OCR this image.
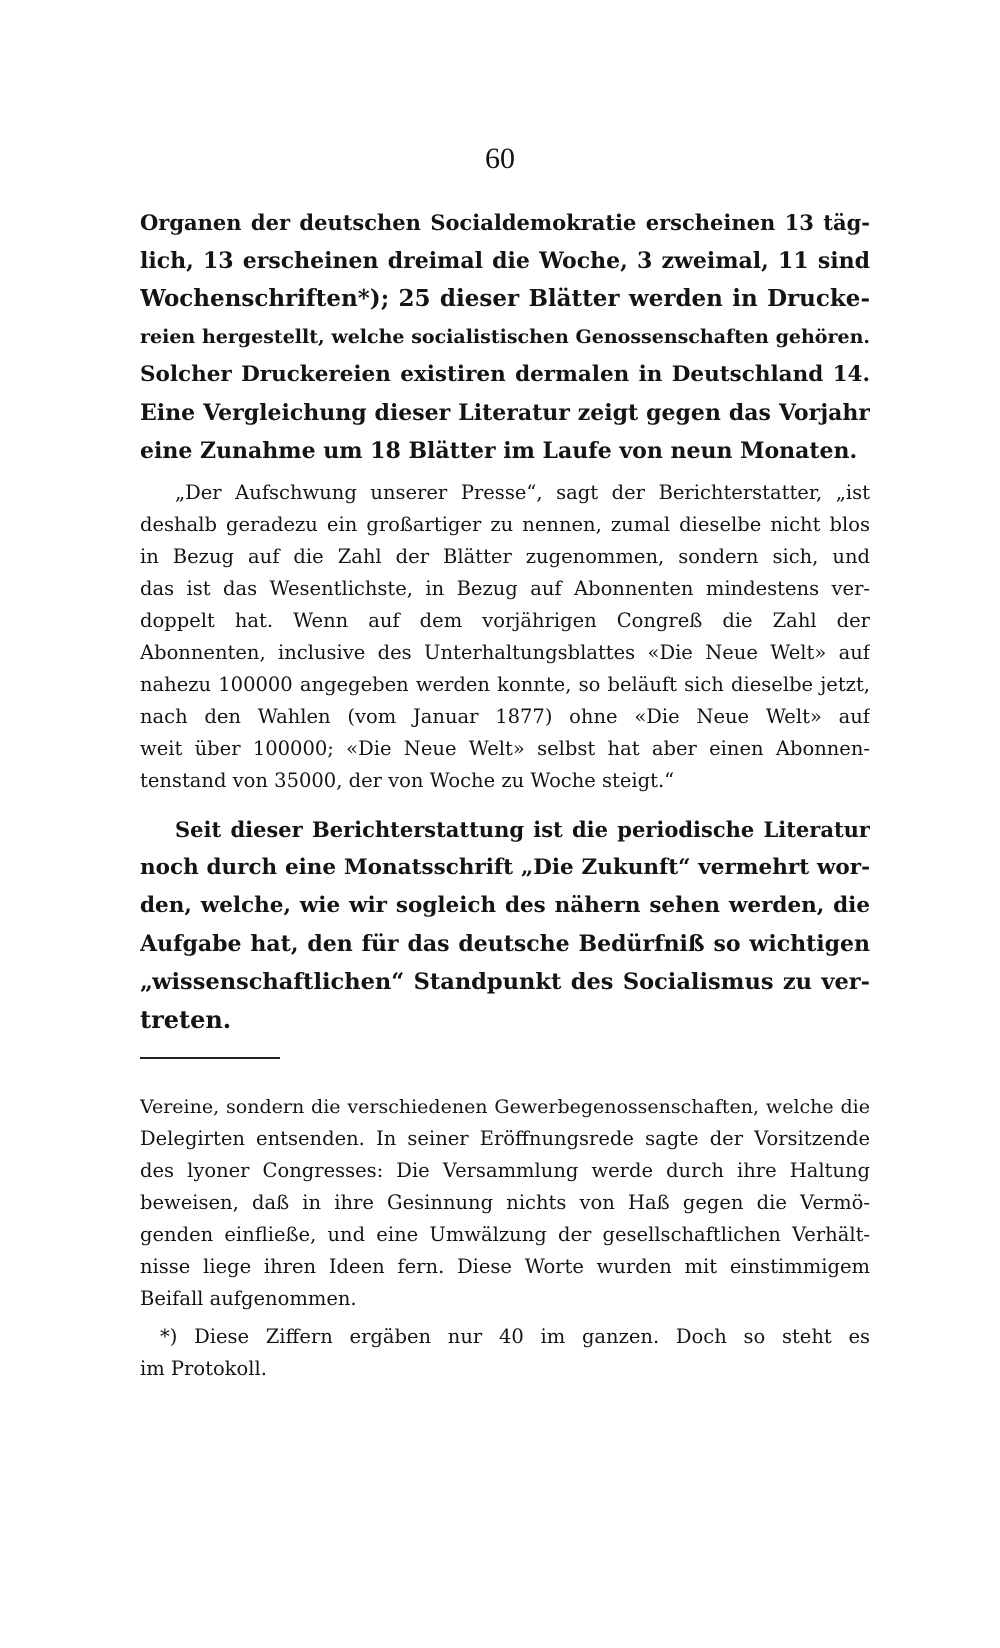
60
Organen der deutschen Socialdemokratie erscheinen 13 täg-
lich, 13 erscheinen dreimal die Woche, 3 zweimal, 11 sind
Wochenschriften*); 25 dieser Blätter werden in Drucke-
reien hergestellt, welche socialistischen Genossenschaften gehören.
Solcher Druckereien existiren dermalen in Deutschland 14.
Eine Vergleichung dieser Literatur zeigt gegen das Vorjahr
eine Zunahme um 18 Blätter im Laufe von neun Monaten.
„Der Aufschwung unserer Presse“, sagt der Berichterstatter, „ist
deshalb geradezu ein großartiger zu nennen, zumal dieselbe nicht blos
in Bezug auf die Zahl der Blätter zugenommen, sondern sich, und
das ist das Wesentlichste, in Bezug auf Abonnenten mindestens ver-
doppelt hat. Wenn auf dem vorjährigen Congreß die Zahl der
Abonnenten, inclusive des Unterhaltungsblattes «Die Neue Welt» auf
nahezu 100000 angegeben werden konnte, so beläuft sich dieselbe jetzt,
nach den Wahlen (vom Januar 1877) ohne «Die Neue Welt» auf
weit über 100000; «Die Neue Welt» selbst hat aber einen Abonnen-
tenstand von 35000, der von Woche zu Woche steigt.“
Seit dieser Berichterstattung ist die periodische Literatur
noch durch eine Monatsschrift „Die Zukunft“ vermehrt wor-
den, welche, wie wir sogleich des nähern sehen werden, die
Aufgabe hat, den für das deutsche Bedürfniß so wichtigen
„wissenschaftlichen“ Standpunkt des Socialismus zu ver-
treten.
Vereine, sondern die verschiedenen Gewerbegenossenschaften, welche die
Delegirten entsenden. In seiner Eröffnungsrede sagte der Vorsitzende
des lyoner Congresses: Die Versammlung werde durch ihre Haltung
beweisen, daß in ihre Gesinnung nichts von Haß gegen die Vermö-
genden einfließe, und eine Umwälzung der gesellschaftlichen Verhält-
nisse liege ihren Ideen fern. Diese Worte wurden mit einstimmigem
Beifall aufgenommen.
*) Diese Ziffern ergäben nur 40 im ganzen. Doch so steht es
im Protokoll.
